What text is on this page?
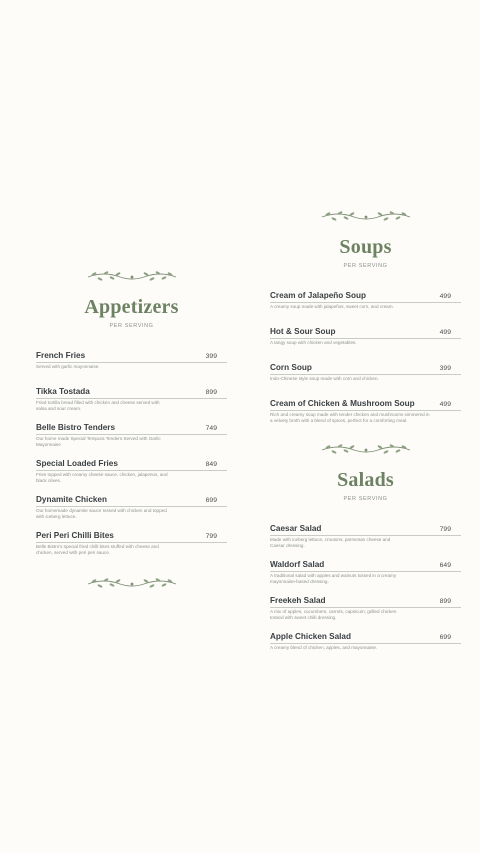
Appetizers
PER SERVING
French Fries	399
Served with garlic mayonnaise.
Tikka Tostada	899
Fried tortilla bread filled with chicken and cheese served with salsa and sour cream.
Belle Bistro Tenders	749
Our home made Special Tempura Tenders Served with Garlic Mayonnaise
Special Loaded Fries	849
Fries topped with creamy cheese sauce, chicken, jalapenos, and black olives.
Dynamite Chicken	699
Our homemade dynamite sauce tossed with chicken and topped with iceberg lettuce.
Peri Peri Chilli Bites	799
Belle Bistro's special fried chilli bites stuffed with cheese and chicken, served with peri peri sauce.
Soups
PER SERVING
Cream of Jalapeño Soup	499
A creamy soup made with jalapeños, sweet corn, and cream.
Hot & Sour Soup	499
A tangy soup with chicken and vegetables.
Corn Soup	399
Indo-Chinese style soup made with corn and chicken.
Cream of Chicken & Mushroom Soup	499
Rich and creamy soup made with tender chicken and mushrooms simmered in a velvety broth with a blend of spices, perfect for a comforting meal.
Salads
PER SERVING
Caesar Salad	799
Made with iceberg lettuce, croutons, parmesan cheese and Caesar dressing.
Waldorf Salad	649
A traditional salad with apples and walnuts tossed in a creamy mayonnaise-based dressing.
Freekeh Salad	899
A mix of apples, cucumbers, carrots, capsicum, grilled chicken tossed with sweet chilli dressing.
Apple Chicken Salad	699
A creamy blend of chicken, apples, and mayonnaise.
